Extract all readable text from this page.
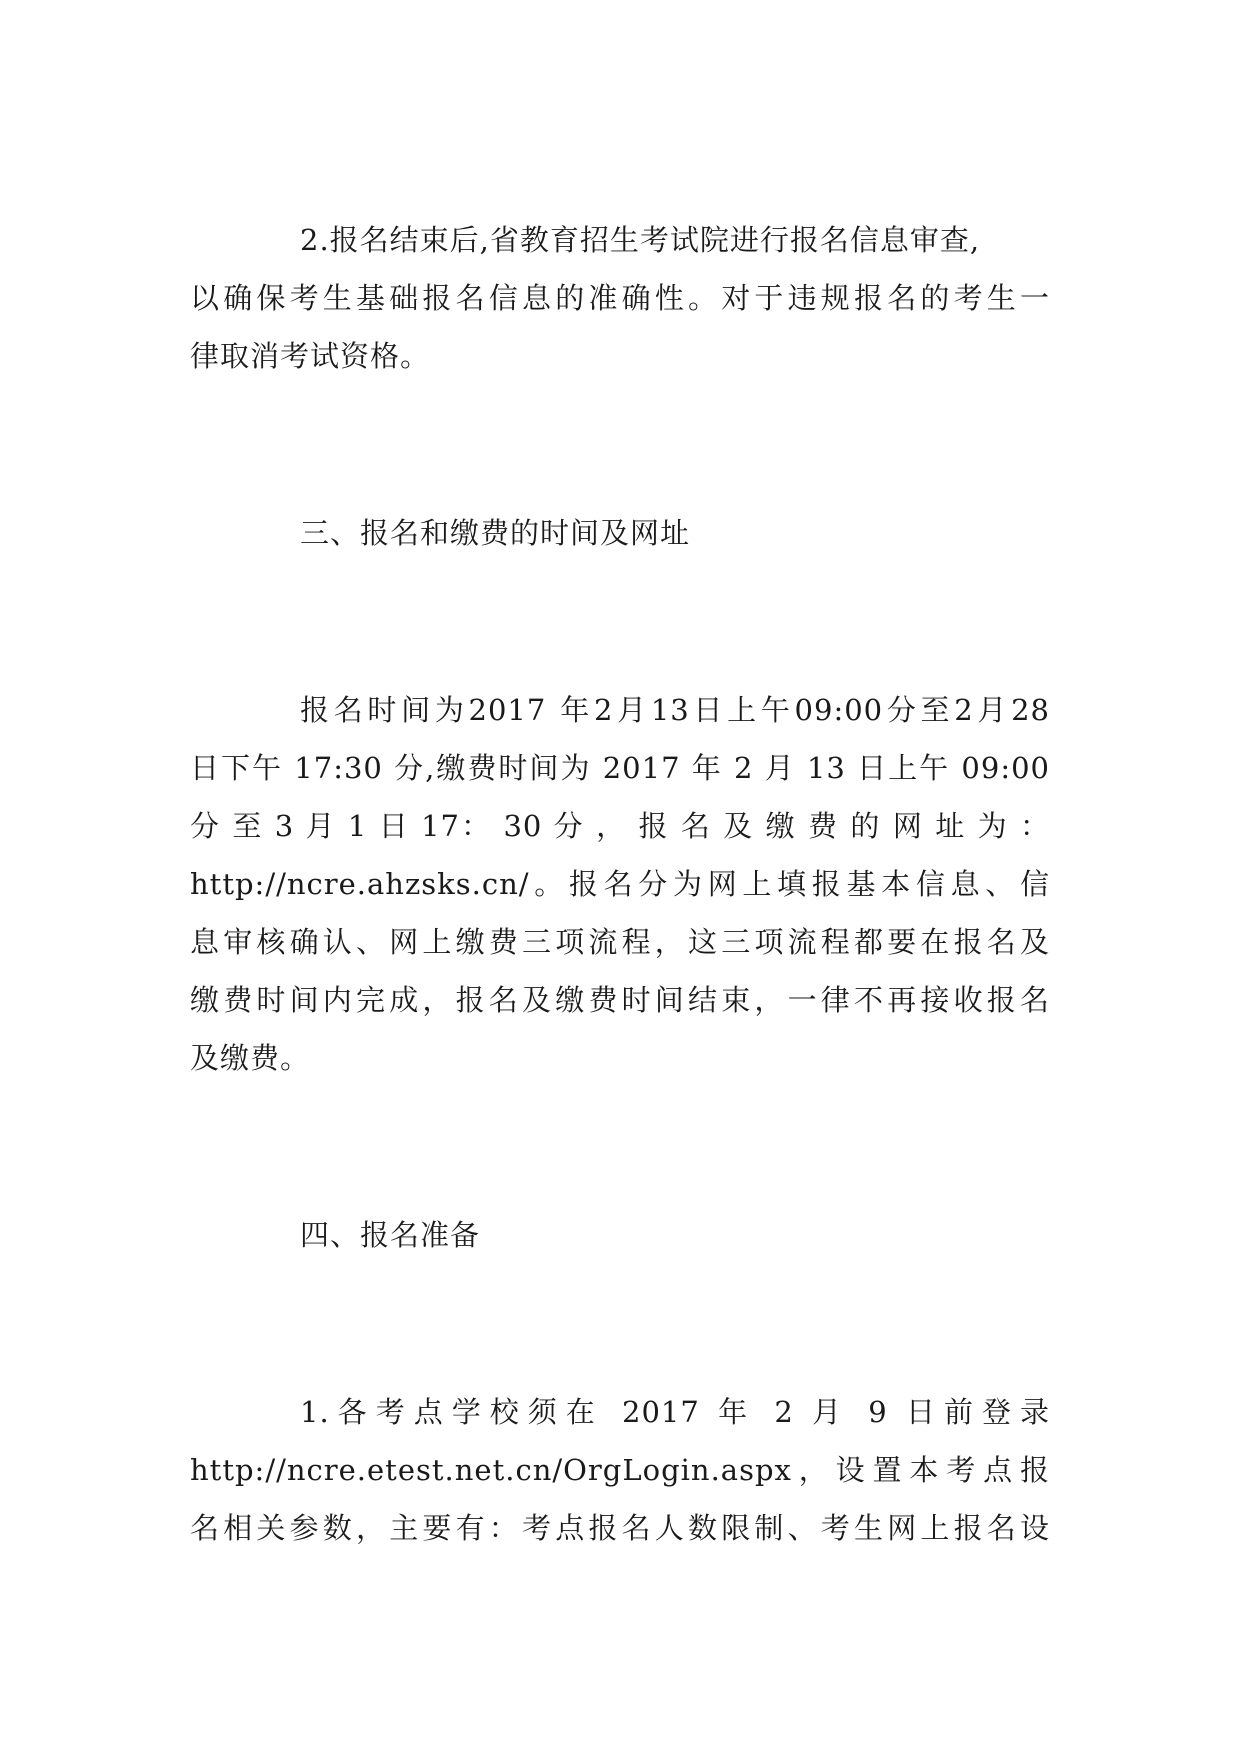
2.报名结束后,省教育招生考试院进行报名信息审查,
以确保考生基础报名信息的准确性。对于违规报名的考生一
律取消考试资格。
三、报名和缴费的时间及网址
报名时间为2017 年2月13日上午09:00分至2月28
日下午 17:30 分,缴费时间为 2017 年 2 月 13 日上午 09:00
分 至 3 月 1 日 17： 30 分 ， 报 名 及 缴 费 的 网 址 为 ：
http://ncre.ahzsks.cn/。报名分为网上填报基本信息、信
息审核确认、网上缴费三项流程，这三项流程都要在报名及
缴费时间内完成，报名及缴费时间结束，一律不再接收报名
及缴费。
四、报名准备
1.各考点学校须在 2017 年 2 月 9 日前登录
http://ncre.etest.net.cn/OrgLogin.aspx，设置本考点报
名相关参数，主要有：考点报名人数限制、考生网上报名设
